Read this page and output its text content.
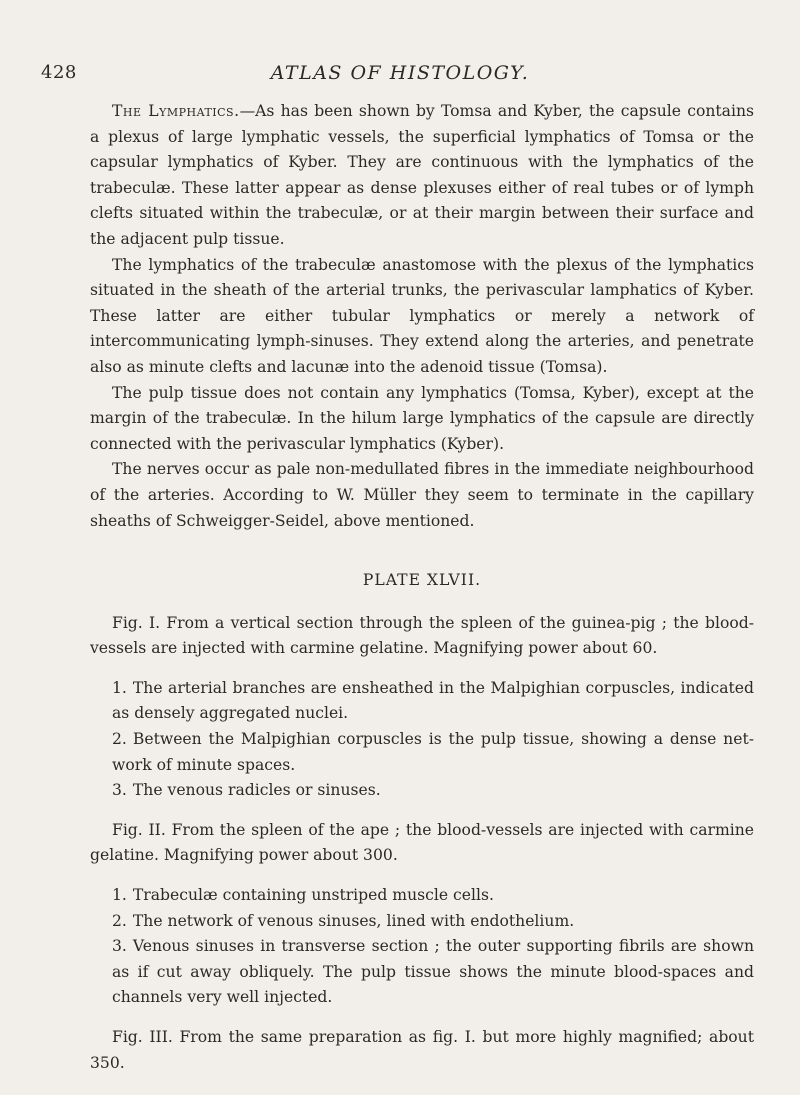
428	ATLAS OF HISTOLOGY.

The Lymphatics.—As has been shown by Tomsa and Kyber, the capsule contains a plexus of large lymphatic vessels, the superficial lymphatics of Tomsa or the capsular lymphatics of Kyber. They are continuous with the lymphatics of the trabeculæ. These latter appear as dense plexuses either of real tubes or of lymph clefts situated within the trabeculæ, or at their margin between their surface and the adjacent pulp tissue.

The lymphatics of the trabeculæ anastomose with the plexus of the lymphatics situated in the sheath of the arterial trunks, the perivascular lamphatics of Kyber. These latter are either tubular lymphatics or merely a network of intercommunicating lymph-sinuses. They extend along the arteries, and penetrate also as minute clefts and lacunæ into the adenoid tissue (Tomsa).

The pulp tissue does not contain any lymphatics (Tomsa, Kyber), except at the margin of the trabeculæ. In the hilum large lymphatics of the capsule are directly connected with the perivascular lymphatics (Kyber).

The nerves occur as pale non-medullated fibres in the immediate neighbourhood of the arteries. According to W. Müller they seem to terminate in the capillary sheaths of Schweigger-Seidel, above mentioned.

PLATE XLVII.

Fig. I. From a vertical section through the spleen of the guinea-pig ; the blood-vessels are injected with carmine gelatine. Magnifying power about 60.

1. The arterial branches are ensheathed in the Malpighian corpuscles, indicated as densely aggregated nuclei.

2. Between the Malpighian corpuscles is the pulp tissue, showing a dense net-work of minute spaces.

3. The venous radicles or sinuses.

Fig. II. From the spleen of the ape ; the blood-vessels are injected with carmine gelatine. Magnifying power about 300.

1. Trabeculæ containing unstriped muscle cells.

2. The network of venous sinuses, lined with endothelium.

3. Venous sinuses in transverse section ; the outer supporting fibrils are shown as if cut away obliquely. The pulp tissue shows the minute blood-spaces and channels very well injected.

Fig. III. From the same preparation as fig. I. but more highly magnified; about 350.
